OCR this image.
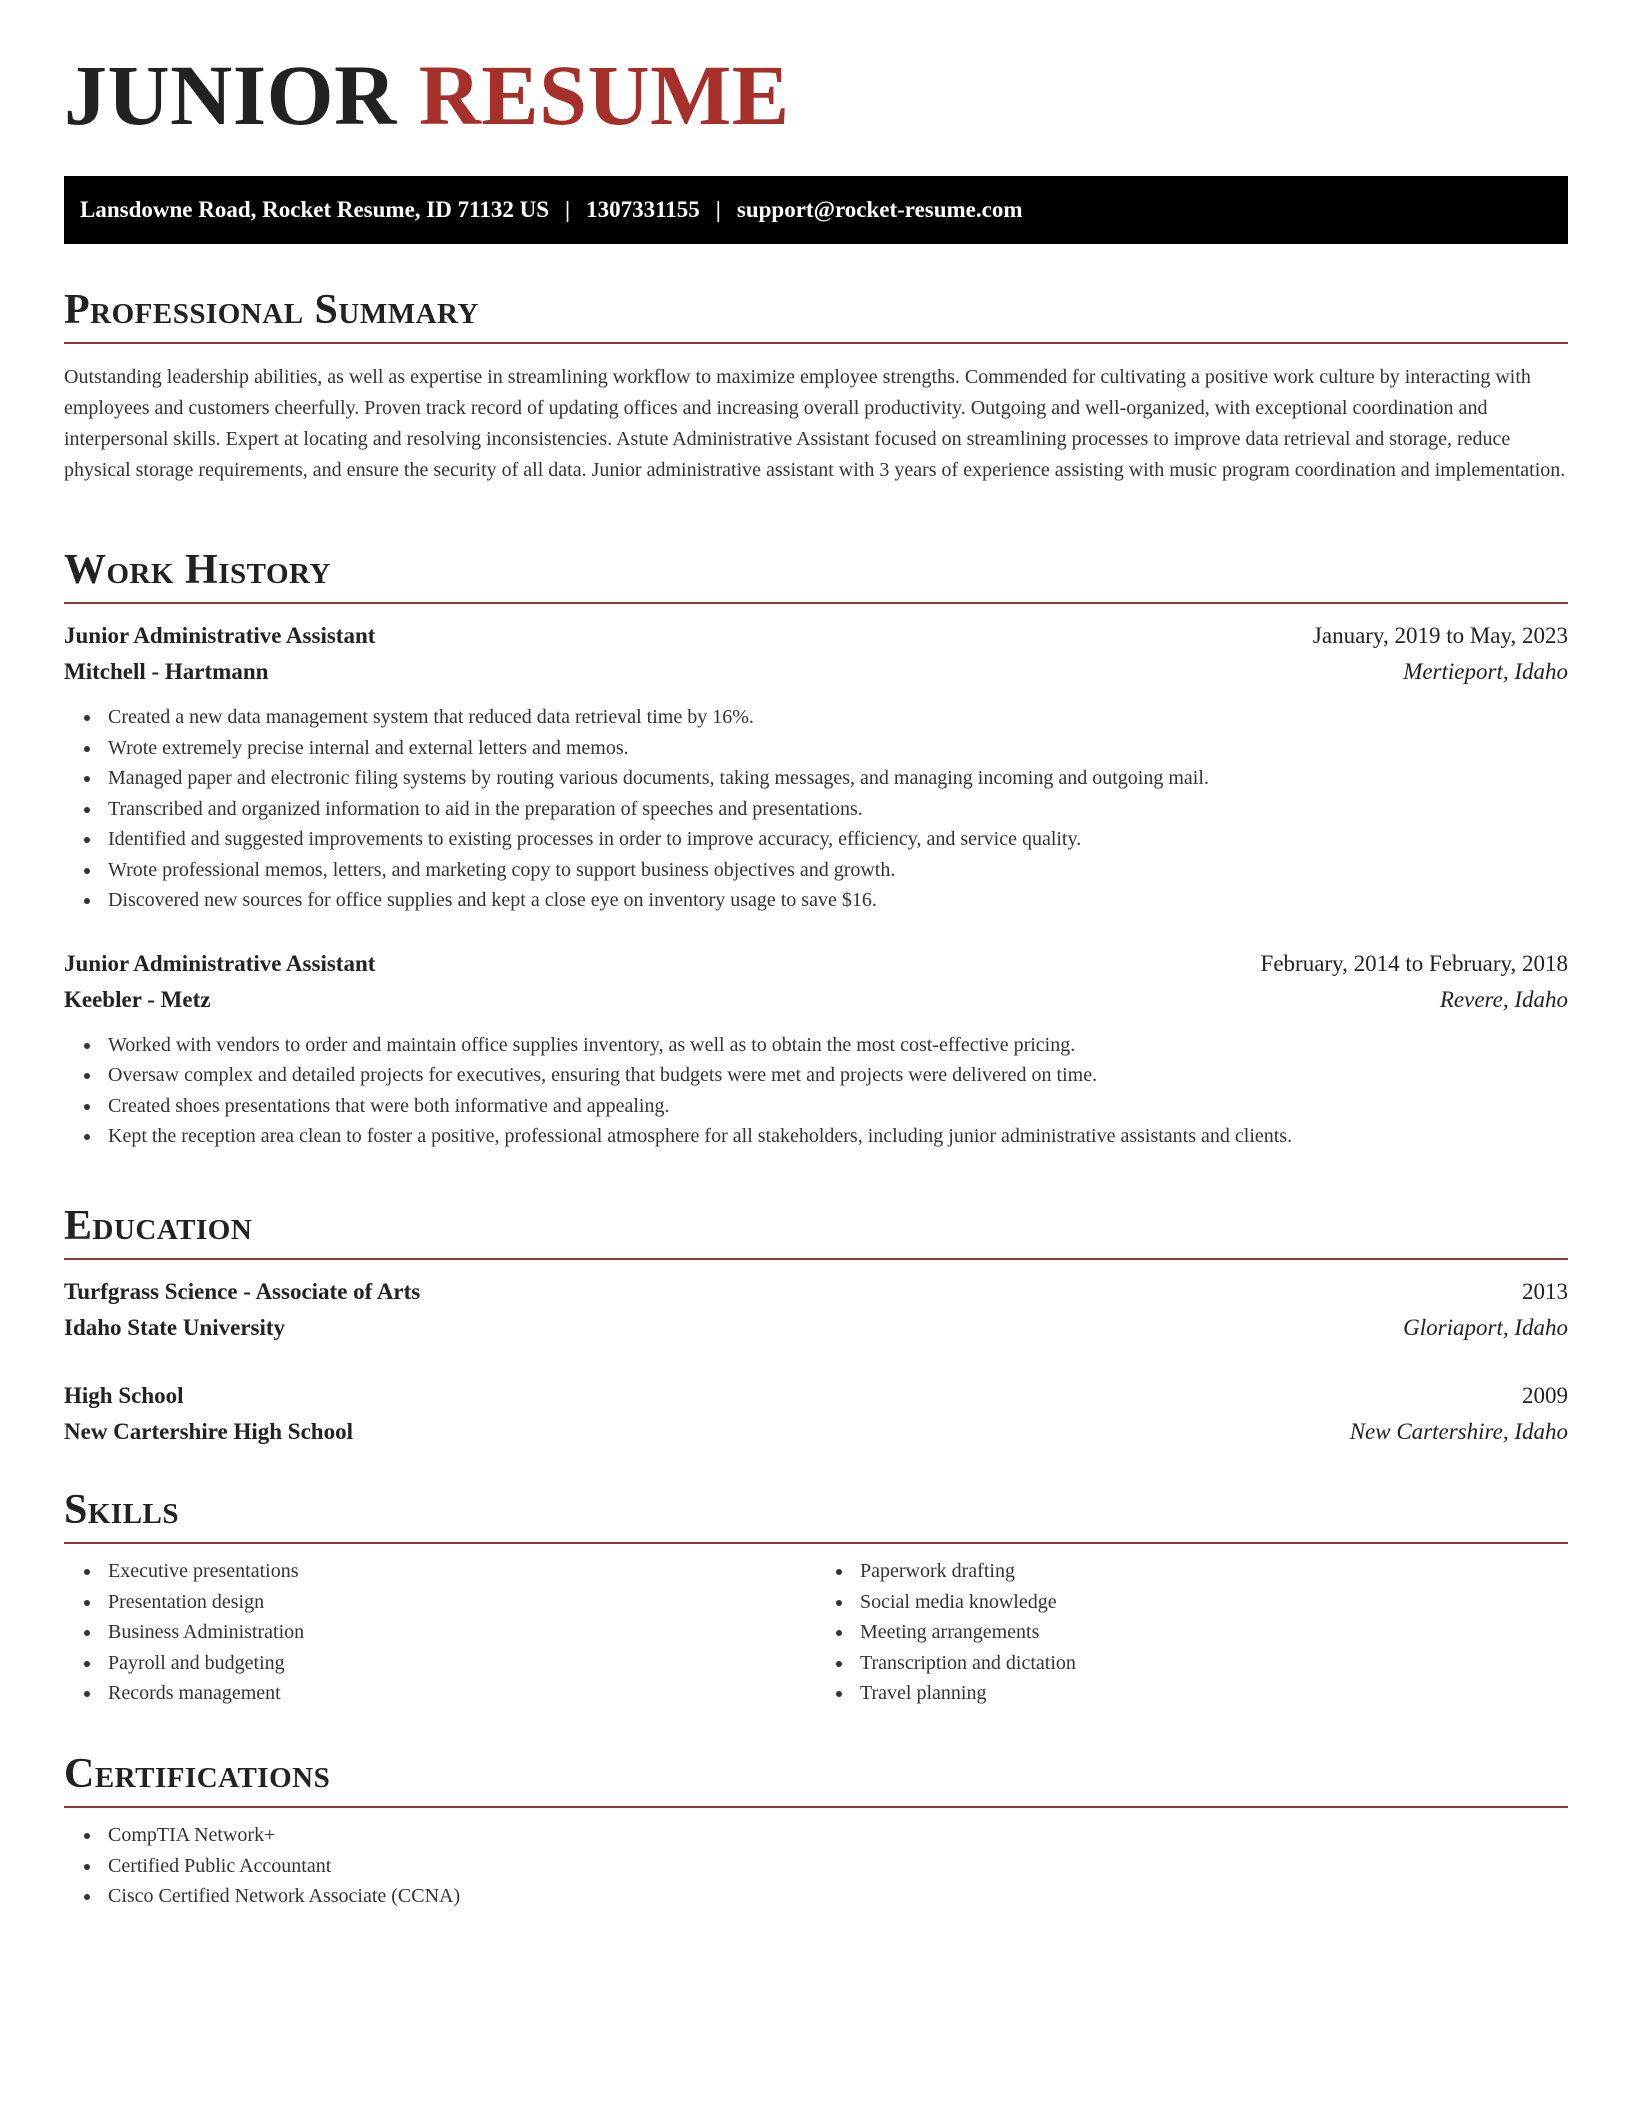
JUNIOR RESUME
Lansdowne Road, Rocket Resume, ID 71132 US | 1307331155 | support@rocket-resume.com
Professional Summary

Outstanding leadership abilities, as well as expertise in streamlining workflow to maximize employee strengths. Commended for cultivating a positive work culture by interacting with employees and customers cheerfully. Proven track record of updating offices and increasing overall productivity. Outgoing and well-organized, with exceptional coordination and interpersonal skills. Expert at locating and resolving inconsistencies. Astute Administrative Assistant focused on streamlining processes to improve data retrieval and storage, reduce physical storage requirements, and ensure the security of all data. Junior administrative assistant with 3 years of experience assisting with music program coordination and implementation.

Work History
Junior Administrative Assistant	January, 2019 to May, 2023
Mitchell - Hartmann	Mertieport, Idaho
Created a new data management system that reduced data retrieval time by 16%.
Wrote extremely precise internal and external letters and memos.
Managed paper and electronic filing systems by routing various documents, taking messages, and managing incoming and outgoing mail.
Transcribed and organized information to aid in the preparation of speeches and presentations.
Identified and suggested improvements to existing processes in order to improve accuracy, efficiency, and service quality.
Wrote professional memos, letters, and marketing copy to support business objectives and growth.
Discovered new sources for office supplies and kept a close eye on inventory usage to save $16.
Junior Administrative Assistant	February, 2014 to February, 2018
Keebler - Metz	Revere, Idaho
Worked with vendors to order and maintain office supplies inventory, as well as to obtain the most cost-effective pricing.
Oversaw complex and detailed projects for executives, ensuring that budgets were met and projects were delivered on time.
Created shoes presentations that were both informative and appealing.
Kept the reception area clean to foster a positive, professional atmosphere for all stakeholders, including junior administrative assistants and clients.
Education
Turfgrass Science - Associate of Arts	2013
Idaho State University	Gloriaport, Idaho
High School	2009
New Cartershire High School	New Cartershire, Idaho
Skills
Executive presentations
Presentation design
Business Administration
Payroll and budgeting
Records management
Paperwork drafting
Social media knowledge
Meeting arrangements
Transcription and dictation
Travel planning
Certifications
CompTIA Network+
Certified Public Accountant
Cisco Certified Network Associate (CCNA)
